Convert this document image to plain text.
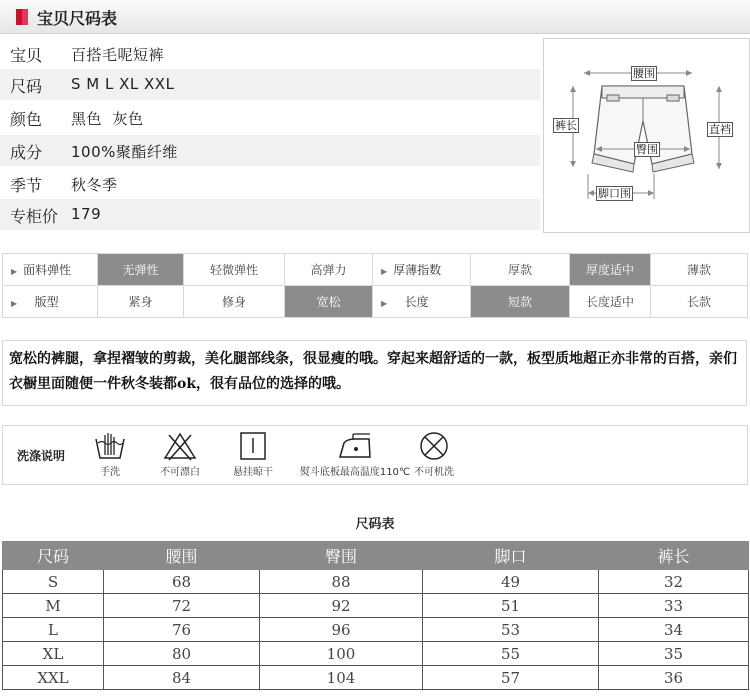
宝贝尺码表
宝贝 百搭毛呢短裤
尺码 S M L XL XXL
颜色 黑色  灰色
成分 100%聚酯纤维
季节 秋冬季
专柜价 179
腰围
裤长	直裆
臀围
脚口围
▶ 面料弹性	无弹性	轻微弹性	高弹力	▶ 厚薄指数	厚款	厚度适中	薄款
▶ 版型	紧身	修身	宽松	▶ 长度	短款	长度适中	长款
宽松的裤腿，拿捏褶皱的剪裁，美化腿部线条，很显瘦的哦。穿起来超舒适的一款，板型质地超正亦非常的百搭，亲们衣橱里面随便一件秋冬装都ok，很有品位的选择的哦。
洗涤说明
手洗	不可漂白	悬挂晾干	熨斗底板最高温度110℃ 不可机洗
尺码表
尺码	腰围	臀围	脚口	裤长
S	68	88	49	32
M	72	92	51	33
L	76	96	53	34
XL	80	100	55	35
XXL	84	104	57	36
